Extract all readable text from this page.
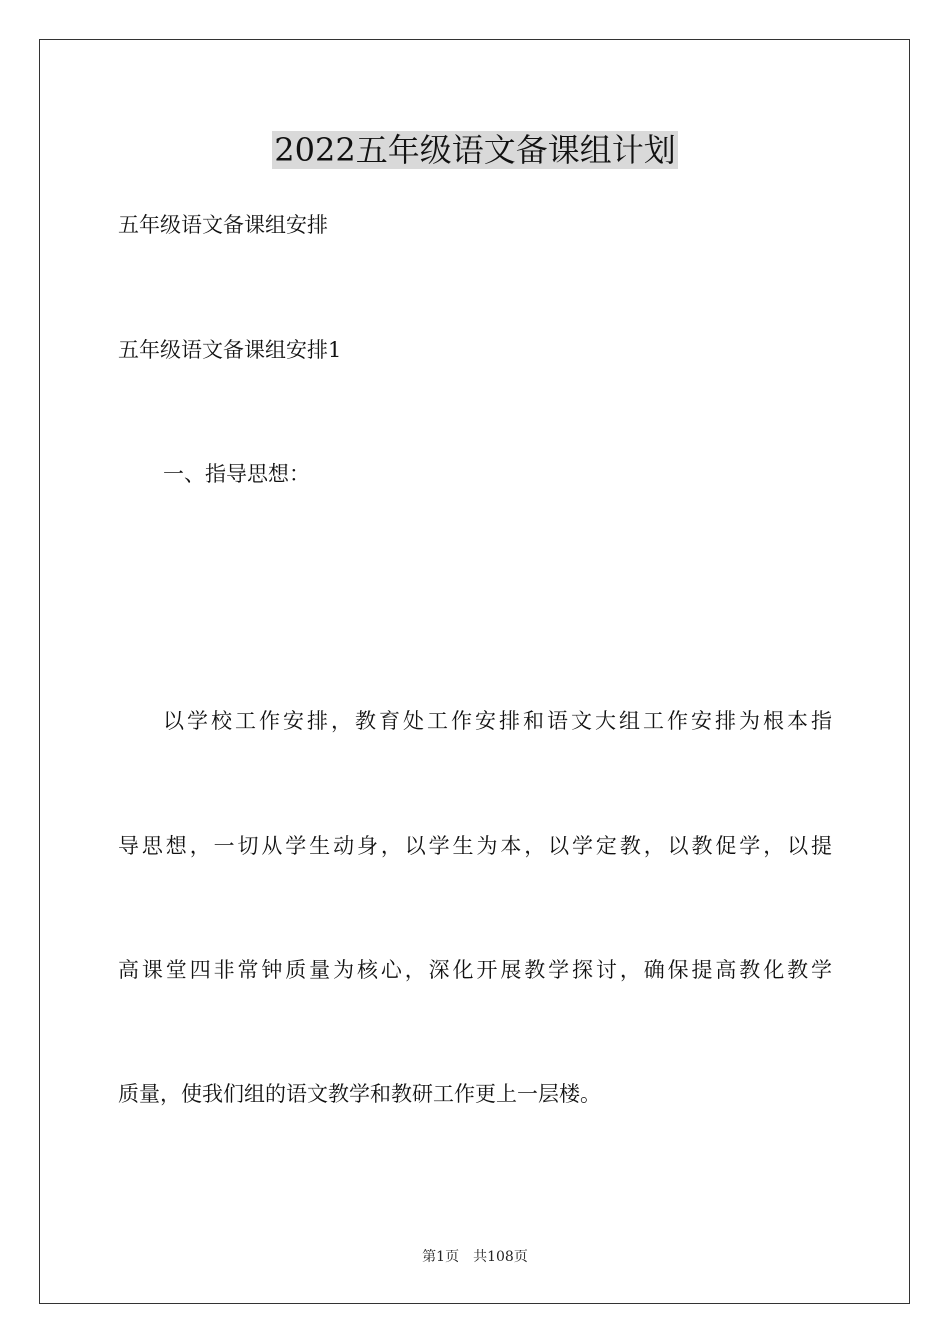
2022五年级语文备课组计划

五年级语文备课组安排

五年级语文备课组安排1

一、指导思想：

以学校工作安排，教育处工作安排和语文大组工作安排为根本指

导思想，一切从学生动身，以学生为本，以学定教，以教促学，以提

高课堂四非常钟质量为核心，深化开展教学探讨，确保提高教化教学

质量，使我们组的语文教学和教研工作更上一层楼。

第1页 共108页
